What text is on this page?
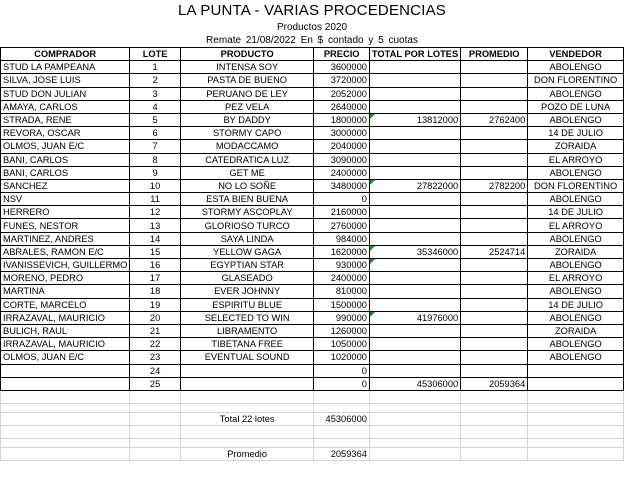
LA PUNTA - VARIAS PROCEDENCIAS
Productos 2020
Remate 21/08/2022 En $ contado y 5 cuotas
COMPRADOR	LOTE	PRODUCTO	PRECIO	TOTAL POR LOTES	PROMEDIO	VENDEDOR
STUD LA PAMPEANA	1	INTENSA SOY	3600000			ABOLENGO
SILVA, JOSE LUIS	2	PASTA DE BUENO	3720000			DON FLORENTINO
STUD DON JULIAN	3	PERUANO DE LEY	2052000			ABOLENGO
AMAYA, CARLOS	4	PEZ VELA	2640000			POZO DE LUNA
STRADA, RENE	5	BY DADDY	1800000	13812000	2762400	ABOLENGO
REVORA, OSCAR	6	STORMY CAPO	3000000			14 DE JULIO
OLMOS, JUAN E/C	7	MODACCAMO	2040000			ZORAIDA
BANI, CARLOS	8	CATEDRATICA LUZ	3090000			EL ARROYO
BANI, CARLOS	9	GET ME	2400000			ABOLENGO
SANCHEZ	10	NO LO SOÑE	3480000	27822000	2782200	DON FLORENTINO
NSV	11	ESTA BIEN BUENA	0			ABOLENGO
HERRERO	12	STORMY ASCOPLAY	2160000			14 DE JULIO
FUNES, NESTOR	13	GLORIOSO TURCO	2760000			EL ARROYO
MARTINEZ, ANDRES	14	SAYA LINDA	984000			ABOLENGO
ABRALES, RAMON E/C	15	YELLOW GAGA	1620000	35346000	2524714	ZORAIDA
IVANISSEVICH, GUILLERMO	16	EGYPTIAN STAR	930000			ABOLENGO
MORENO, PEDRO	17	GLASEADO	2400000			EL ARROYO
MARTINA	18	EVER JOHNNY	810000			ABOLENGO
CORTE, MARCELO	19	ESPIRITU BLUE	1500000			14 DE JULIO
IRRAZAVAL, MAURICIO	20	SELECTED TO WIN	990000	41976000		ABOLENGO
BULICH, RAUL	21	LIBRAMENTO	1260000			ZORAIDA
IRRAZAVAL, MAURICIO	22	TIBETANA FREE	1050000			ABOLENGO
OLMOS, JUAN E/C	23	EVENTUAL SOUND	1020000			ABOLENGO
	24		0			
	25		0	45306000	2059364	

		Total 22 lotes	45306000			

		Promedio	2059364			
